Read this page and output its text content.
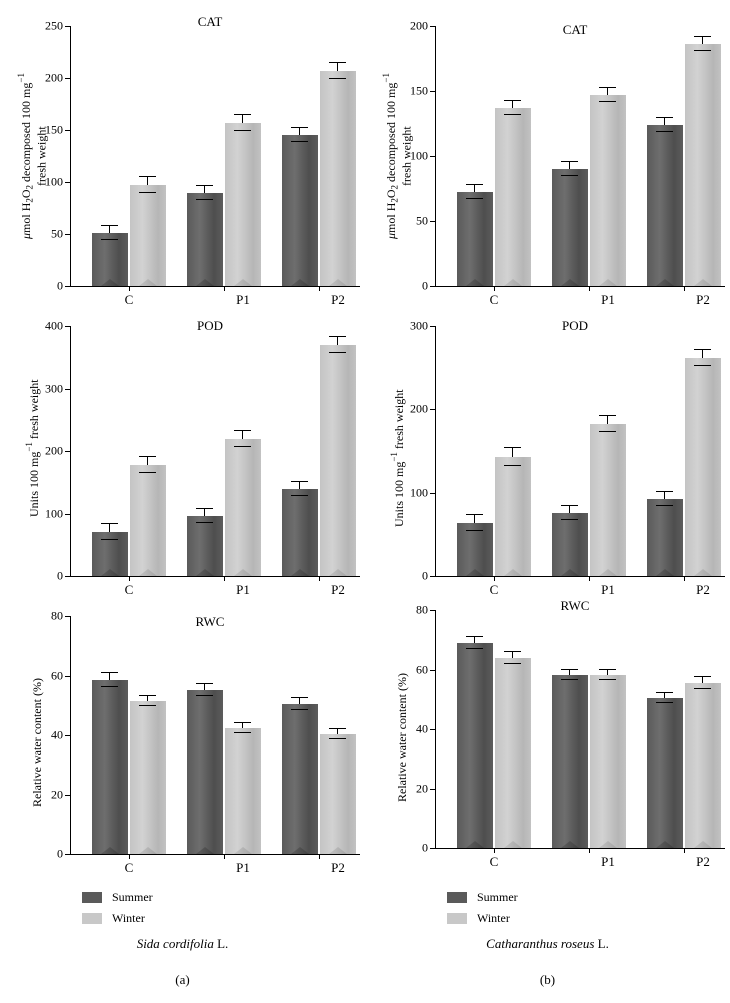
CAT
μmol $H_2O_2$ decomposed 100 $mg^{-1}$
fresh weight
250
200
150
100
50
0
C	P1	P2
CAT
μmol $H_2O_2$ decomposed 100 $mg^{-1}$
fresh weight
200
150
100
50
0
C	P1	P2
POD
Units 100 $mg^{-1}$ fresh weight
400
300
200
100
0
C	P1	P2
POD
Units 100 $mg^{-1}$ fresh weight
300
200
100
0
C	P1	P2
RWC
Relative water content (%)
80
60
40
20
0
C	P1	P2
RWC
Relative water content (%)
80
60
40
20
0
C	P1	P2
Summer
Winter
Summer
Winter
Sida cordifolia L.
(a)
Catharanthus roseus L.
(b)
